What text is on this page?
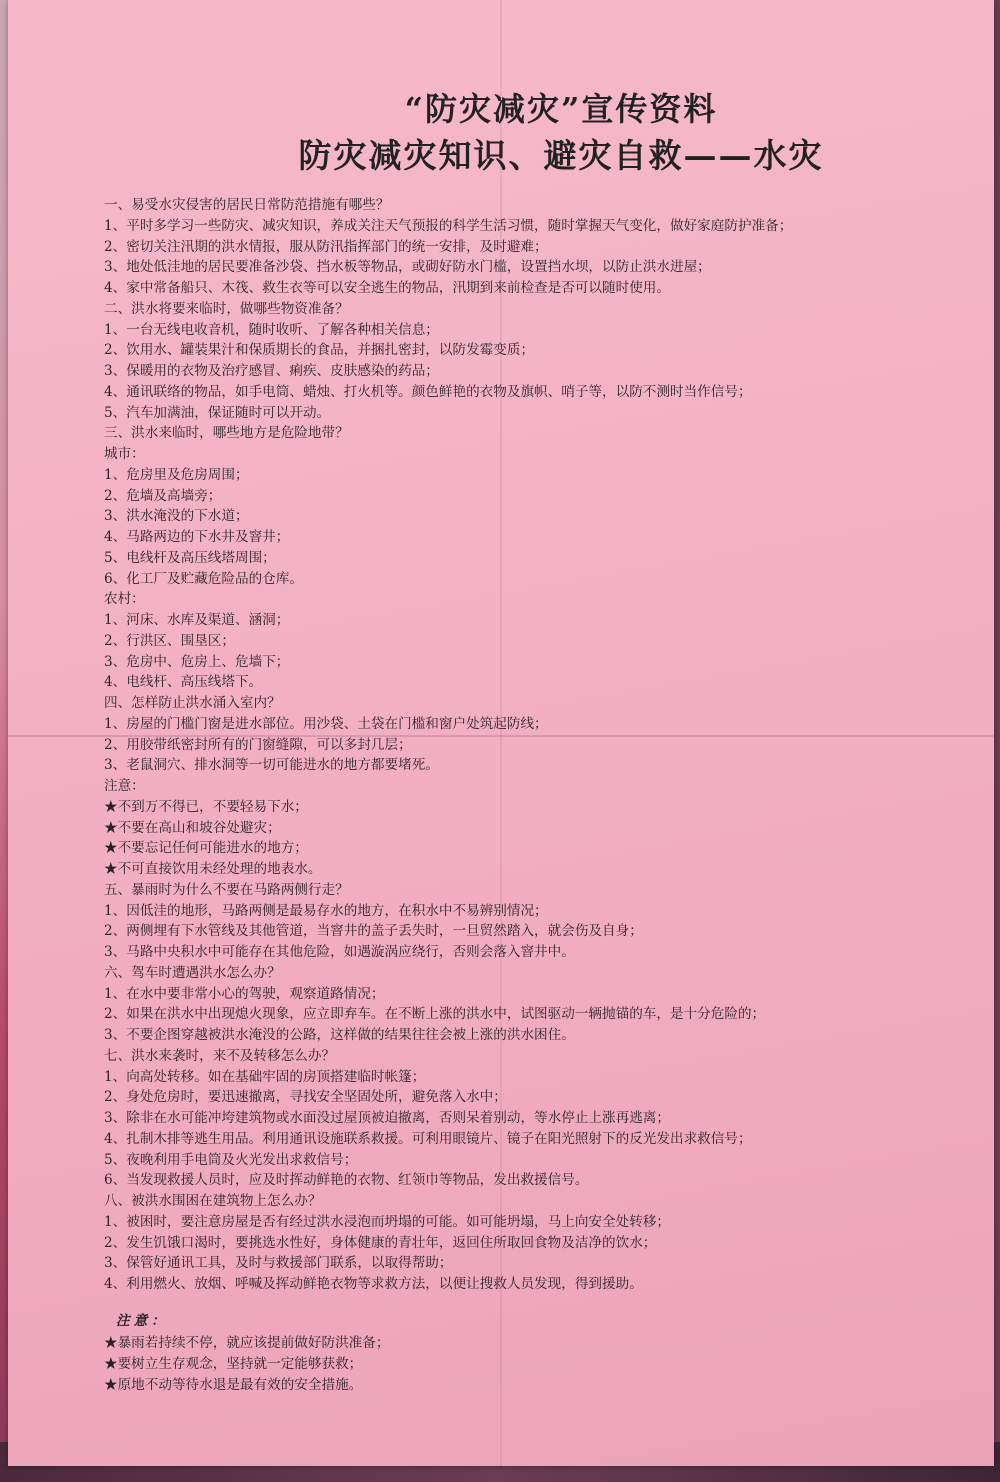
“防灾减灾”宣传资料
防灾减灾知识、避灾自救——水灾
一、易受水灾侵害的居民日常防范措施有哪些？
1、平时多学习一些防灾、减灾知识，养成关注天气预报的科学生活习惯，随时掌握天气变化，做好家庭防护准备；
2、密切关注汛期的洪水情报，服从防汛指挥部门的统一安排，及时避难；
3、地处低洼地的居民要准备沙袋、挡水板等物品，或砌好防水门槛，设置挡水坝，以防止洪水进屋；
4、家中常备船只、木筏、救生衣等可以安全逃生的物品，汛期到来前检查是否可以随时使用。
二、洪水将要来临时，做哪些物资准备？
1、一台无线电收音机，随时收听、了解各种相关信息；
2、饮用水、罐装果汁和保质期长的食品，并捆扎密封，以防发霉变质；
3、保暖用的衣物及治疗感冒、痢疾、皮肤感染的药品；
4、通讯联络的物品，如手电筒、蜡烛、打火机等。颜色鲜艳的衣物及旗帜、哨子等，以防不测时当作信号；
5、汽车加满油，保证随时可以开动。
三、洪水来临时，哪些地方是危险地带？
城市：
1、危房里及危房周围；
2、危墙及高墙旁；
3、洪水淹没的下水道；
4、马路两边的下水井及窨井；
5、电线杆及高压线塔周围；
6、化工厂及贮藏危险品的仓库。
农村：
1、河床、水库及渠道、涵洞；
2、行洪区、围垦区；
3、危房中、危房上、危墙下；
4、电线杆、高压线塔下。
四、怎样防止洪水涌入室内？
1、房屋的门槛门窗是进水部位。用沙袋、土袋在门槛和窗户处筑起防线；
2、用胶带纸密封所有的门窗缝隙，可以多封几层；
3、老鼠洞穴、排水洞等一切可能进水的地方都要堵死。
注意：
★不到万不得已，不要轻易下水；
★不要在高山和坡谷处避灾；
★不要忘记任何可能进水的地方；
★不可直接饮用未经处理的地表水。
五、暴雨时为什么不要在马路两侧行走？
1、因低洼的地形，马路两侧是最易存水的地方，在积水中不易辨别情况；
2、两侧埋有下水管线及其他管道，当窨井的盖子丢失时，一旦贸然踏入，就会伤及自身；
3、马路中央积水中可能存在其他危险，如遇漩涡应绕行，否则会落入窨井中。
六、驾车时遭遇洪水怎么办？
1、在水中要非常小心的驾驶，观察道路情况；
2、如果在洪水中出现熄火现象，应立即弃车。在不断上涨的洪水中，试图驱动一辆抛锚的车，是十分危险的；
3、不要企图穿越被洪水淹没的公路，这样做的结果往往会被上涨的洪水困住。
七、洪水来袭时，来不及转移怎么办？
1、向高处转移。如在基础牢固的房顶搭建临时帐篷；
2、身处危房时，要迅速撤离，寻找安全坚固处所，避免落入水中；
3、除非在水可能冲垮建筑物或水面没过屋顶被迫撤离，否则呆着别动，等水停止上涨再逃离；
4、扎制木排等逃生用品。利用通讯设施联系救援。可利用眼镜片、镜子在阳光照射下的反光发出求救信号；
5、夜晚利用手电筒及火光发出求救信号；
6、当发现救援人员时，应及时挥动鲜艳的衣物、红领巾等物品，发出救援信号。
八、被洪水围困在建筑物上怎么办？
1、被困时，要注意房屋是否有经过洪水浸泡而坍塌的可能。如可能坍塌，马上向安全处转移；
2、发生饥饿口渴时，要挑选水性好，身体健康的青壮年，返回住所取回食物及洁净的饮水；
3、保管好通讯工具，及时与救援部门联系，以取得帮助；
4、利用燃火、放烟、呼喊及挥动鲜艳衣物等求救方法，以便让搜救人员发现，得到援助。
注意：
★暴雨若持续不停，就应该提前做好防洪准备；
★要树立生存观念，坚持就一定能够获救；
★原地不动等待水退是最有效的安全措施。
